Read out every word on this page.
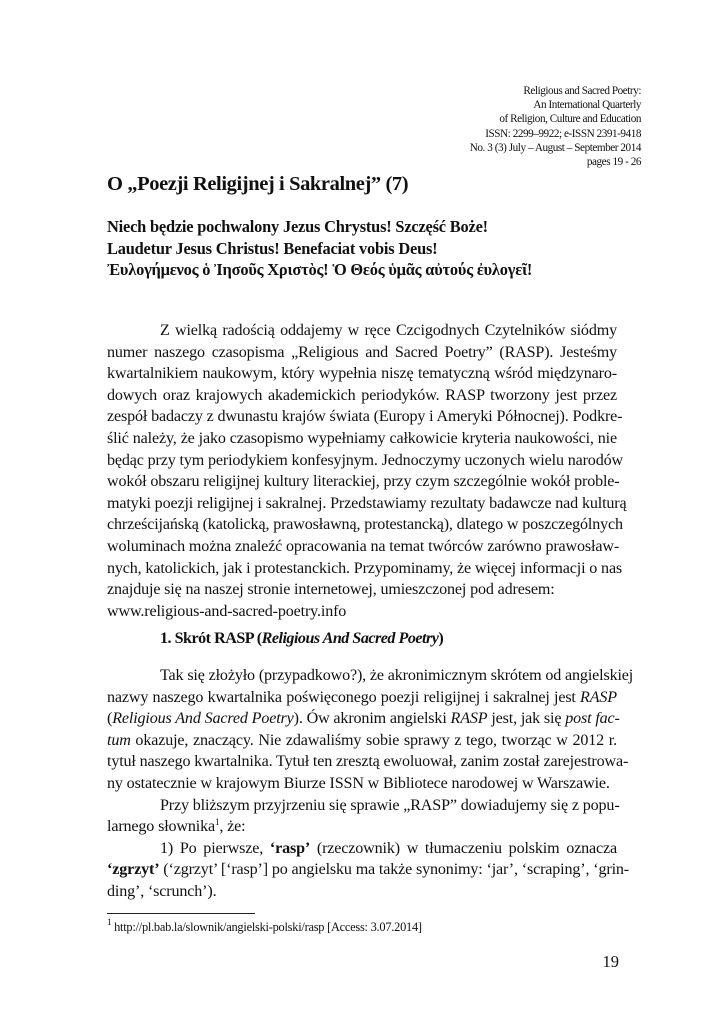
Religious and Sacred Poetry:
An International Quarterly
of Religion, Culture and Education
ISSN: 2299–9922; e-ISSN 2391-9418
No. 3 (3) July – August – September 2014
pages 19 - 26
O „Poezji Religijnej i Sakralnej” (7)
Niech będzie pochwalony Jezus Chrystus! Szczęść Boże!
Laudetur Jesus Christus! Benefaciat vobis Deus!
Ἐυλογήμενος ὁ Ἰησοῦς Χριστὸς! Ὁ Θεός ὑμᾶς αὐτούς ἐυλογεῖ!
Z wielką radością oddajemy w ręce Czcigodnych Czytelników siódmy
numer naszego czasopisma „Religious and Sacred Poetry” (RASP). Jesteśmy
kwartalnikiem naukowym, który wypełnia niszę tematyczną wśród międzynaro-
dowych oraz krajowych akademickich periodyków. RASP tworzony jest przez
zespół badaczy z dwunastu krajów świata (Europy i Ameryki Północnej). Podkre-
ślić należy, że jako czasopismo wypełniamy całkowicie kryteria naukowości, nie
będąc przy tym periodykiem konfesyjnym. Jednoczymy uczonych wielu narodów
wokół obszaru religijnej kultury literackiej, przy czym szczególnie wokół proble-
matyki poezji religijnej i sakralnej. Przedstawiamy rezultaty badawcze nad kulturą
chrześcijańską (katolicką, prawosławną, protestancką), dlatego w poszczególnych
woluminach można znaleźć opracowania na temat twórców zarówno prawosław-
nych, katolickich, jak i protestanckich. Przypominamy, że więcej informacji o nas
znajduje się na naszej stronie internetowej, umieszczonej pod adresem:
www.religious-and-sacred-poetry.info
1. Skrót RASP (Religious And Sacred Poetry)
Tak się złożyło (przypadkowo?), że akronimicznym skrótem od angielskiej
nazwy naszego kwartalnika poświęconego poezji religijnej i sakralnej jest RASP
(Religious And Sacred Poetry). Ów akronim angielski RASP jest, jak się post fac-
tum okazuje, znaczący. Nie zdawaliśmy sobie sprawy z tego, tworząc w 2012 r.
tytuł naszego kwartalnika. Tytuł ten zresztą ewoluował, zanim został zarejestrowa-
ny ostatecznie w krajowym Biurze ISSN w Bibliotece narodowej w Warszawie.
Przy bliższym przyjrzeniu się sprawie „RASP” dowiadujemy się z popu-
larnego słownika$^1$, że:
1) Po pierwsze, ‘rasp’ (rzeczownik) w tłumaczeniu polskim oznacza
‘zgrzyt’ (‘zgrzyt’ [‘rasp’] po angielsku ma także synonimy: ‘jar’, ‘scraping’, ‘grin-
ding’, ‘scrunch’).
$^1$ http://pl.bab.la/slownik/angielski-polski/rasp [Access: 3.07.2014]
19
